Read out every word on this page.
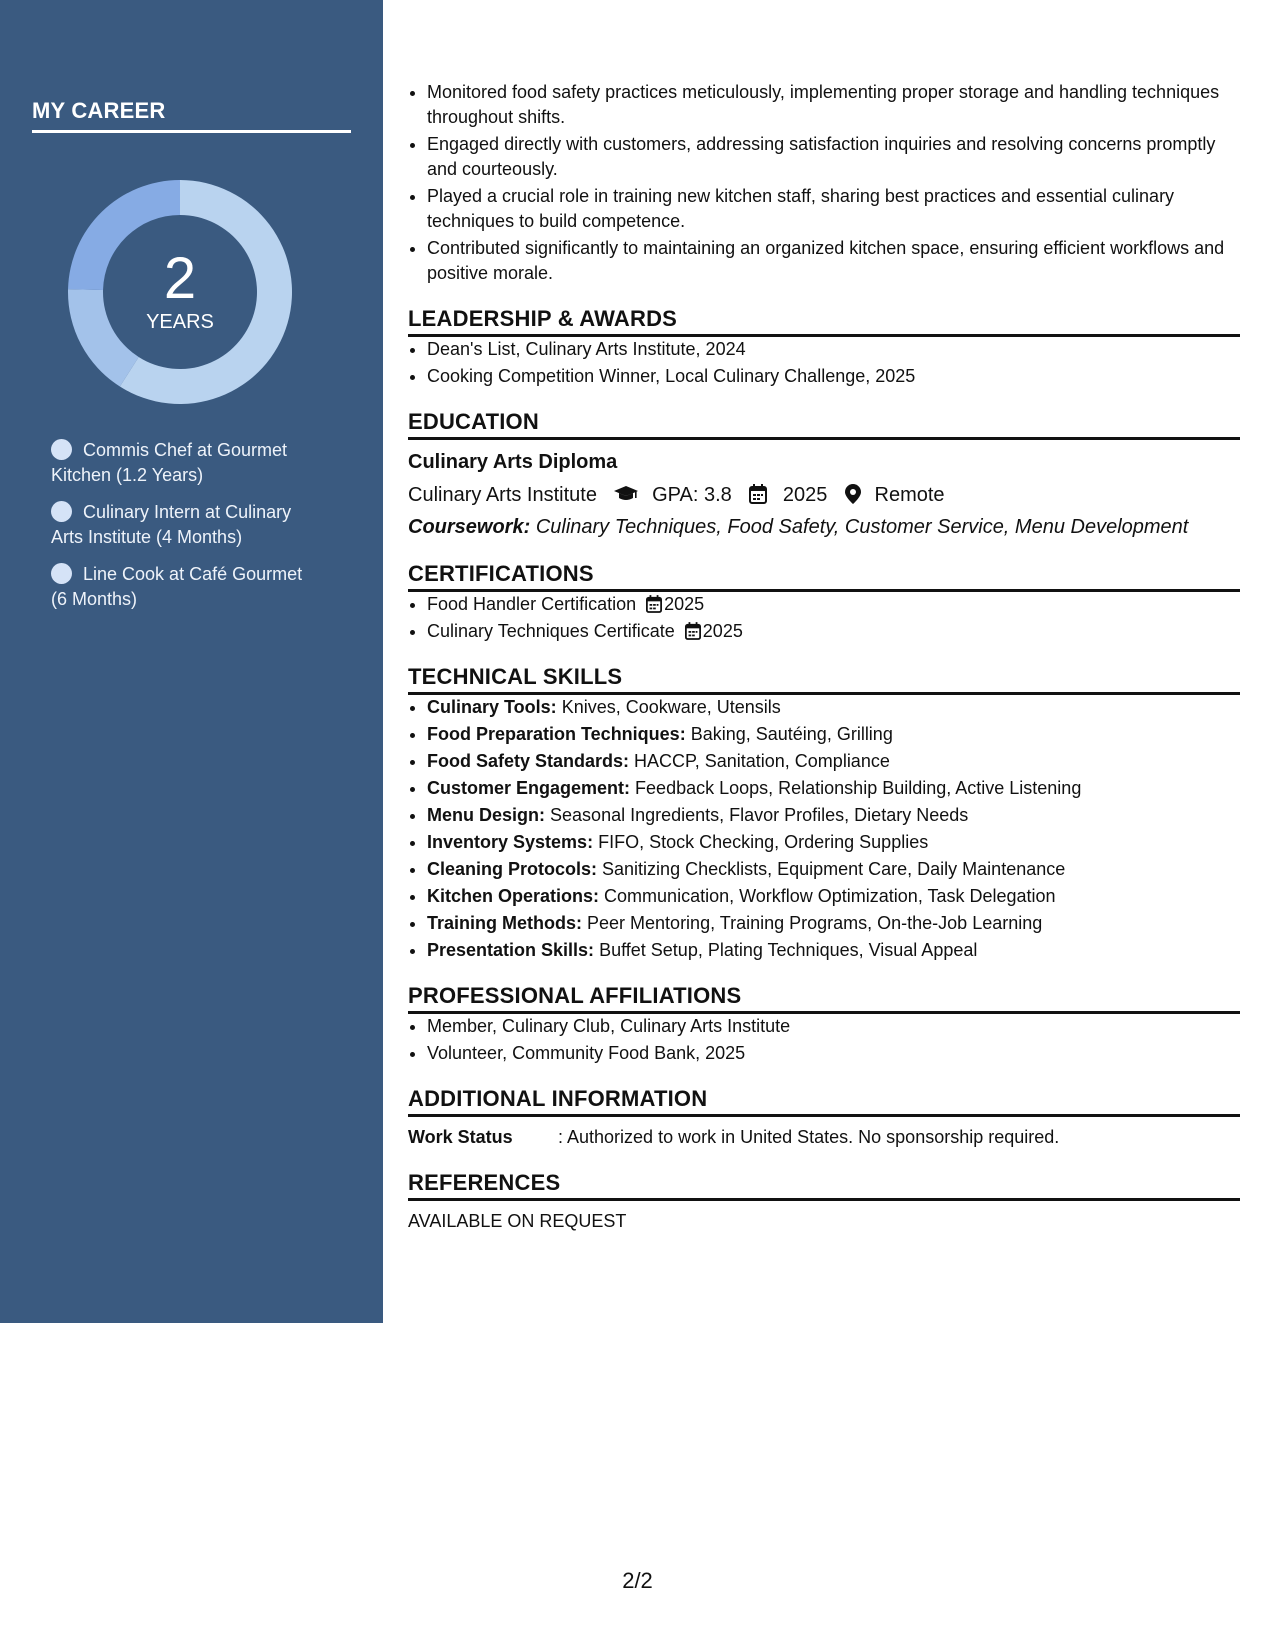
MY CAREER
2
YEARS
Commis Chef at Gourmet Kitchen (1.2 Years)
Culinary Intern at Culinary Arts Institute (4 Months)
Line Cook at Café Gourmet (6 Months)
• Monitored food safety practices meticulously, implementing proper storage and handling techniques throughout shifts.
• Engaged directly with customers, addressing satisfaction inquiries and resolving concerns promptly and courteously.
• Played a crucial role in training new kitchen staff, sharing best practices and essential culinary techniques to build competence.
• Contributed significantly to maintaining an organized kitchen space, ensuring efficient workflows and positive morale.
LEADERSHIP & AWARDS
• Dean's List, Culinary Arts Institute, 2024
• Cooking Competition Winner, Local Culinary Challenge, 2025
EDUCATION
Culinary Arts Diploma
Culinary Arts Institute	GPA: 3.8	2025 Remote
Coursework: Culinary Techniques, Food Safety, Customer Service, Menu Development
CERTIFICATIONS
• Food Handler Certification 2025
• Culinary Techniques Certificate 2025
TECHNICAL SKILLS
• Culinary Tools: Knives, Cookware, Utensils
• Food Preparation Techniques: Baking, Sautéing, Grilling
• Food Safety Standards: HACCP, Sanitation, Compliance
• Customer Engagement: Feedback Loops, Relationship Building, Active Listening
• Menu Design: Seasonal Ingredients, Flavor Profiles, Dietary Needs
• Inventory Systems: FIFO, Stock Checking, Ordering Supplies
• Cleaning Protocols: Sanitizing Checklists, Equipment Care, Daily Maintenance
• Kitchen Operations: Communication, Workflow Optimization, Task Delegation
• Training Methods: Peer Mentoring, Training Programs, On-the-Job Learning
• Presentation Skills: Buffet Setup, Plating Techniques, Visual Appeal
PROFESSIONAL AFFILIATIONS
• Member, Culinary Club, Culinary Arts Institute
• Volunteer, Community Food Bank, 2025
ADDITIONAL INFORMATION
Work Status	: Authorized to work in United States. No sponsorship required.
REFERENCES
AVAILABLE ON REQUEST
2/2
